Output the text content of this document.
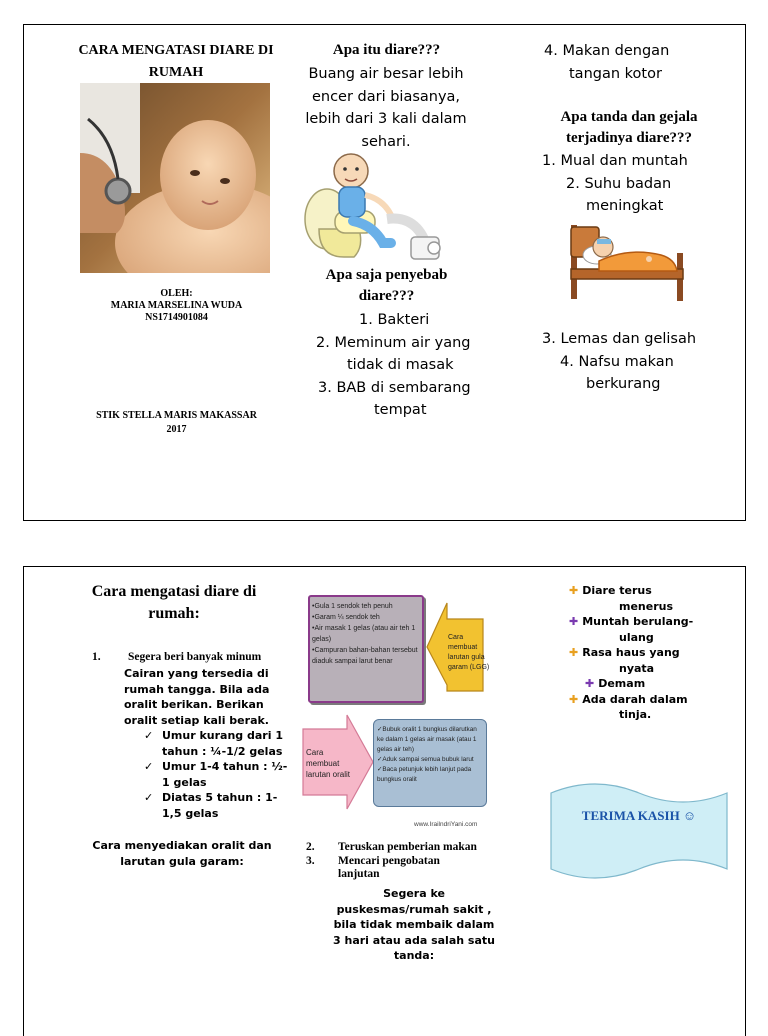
CARA MENGATASI DIARE DI
RUMAH
OLEH:
MARIA MARSELINA WUDA
NS1714901084
STIK STELLA MARIS MAKASSAR
2017
Apa itu diare???
Buang air besar lebih
encer dari biasanya,
lebih dari 3 kali dalam
sehari.
Apa saja penyebab
diare???
1. Bakteri
2. Meminum air yang
tidak di masak
3. BAB di sembarang
tempat
4. Makan dengan
tangan kotor
Apa tanda dan gejala
terjadinya diare???
1. Mual dan muntah
2. Suhu badan
meningkat
3. Lemas dan gelisah
4. Nafsu makan
berkurang
Cara mengatasi diare di
rumah:
1. Segera beri banyak minum
Cairan yang tersedia di
rumah tangga. Bila ada
oralit berikan. Berikan
oralit setiap kali berak.
✓ Umur kurang dari 1
tahun : ¼-1/2 gelas
✓ Umur 1-4 tahun : ½-
1 gelas
✓ Diatas 5 tahun : 1-
1,5 gelas
Cara menyediakan oralit dan
larutan gula garam:
•Gula 1 sendok teh penuh
•Garam ¼ sendok teh
•Air masak 1 gelas (atau air teh 1
gelas)
•Campuran bahan-bahan tersebut
diaduk sampai larut benar
Cara
membuat
larutan gula
garam (LGG)
Cara
membuat
larutan oralit
✓Bubuk oralit 1 bungkus dilarutkan
ke dalam 1 gelas air masak (atau 1
gelas air teh)
✓Aduk sampai semua bubuk larut
✓Baca petunjuk lebih lanjut pada
bungkus oralit
www.IrailndriYani.com
2. Teruskan pemberian makan
3. Mencari pengobatan
lanjutan
Segera ke
puskesmas/rumah sakit ,
bila tidak membaik dalam
3 hari atau ada salah satu
tanda:
✚ Diare terus
menerus
✚ Muntah berulang-
ulang
✚ Rasa haus yang
nyata
✚ Demam
✚ Ada darah dalam
tinja.
TERIMA KASIH ☺
